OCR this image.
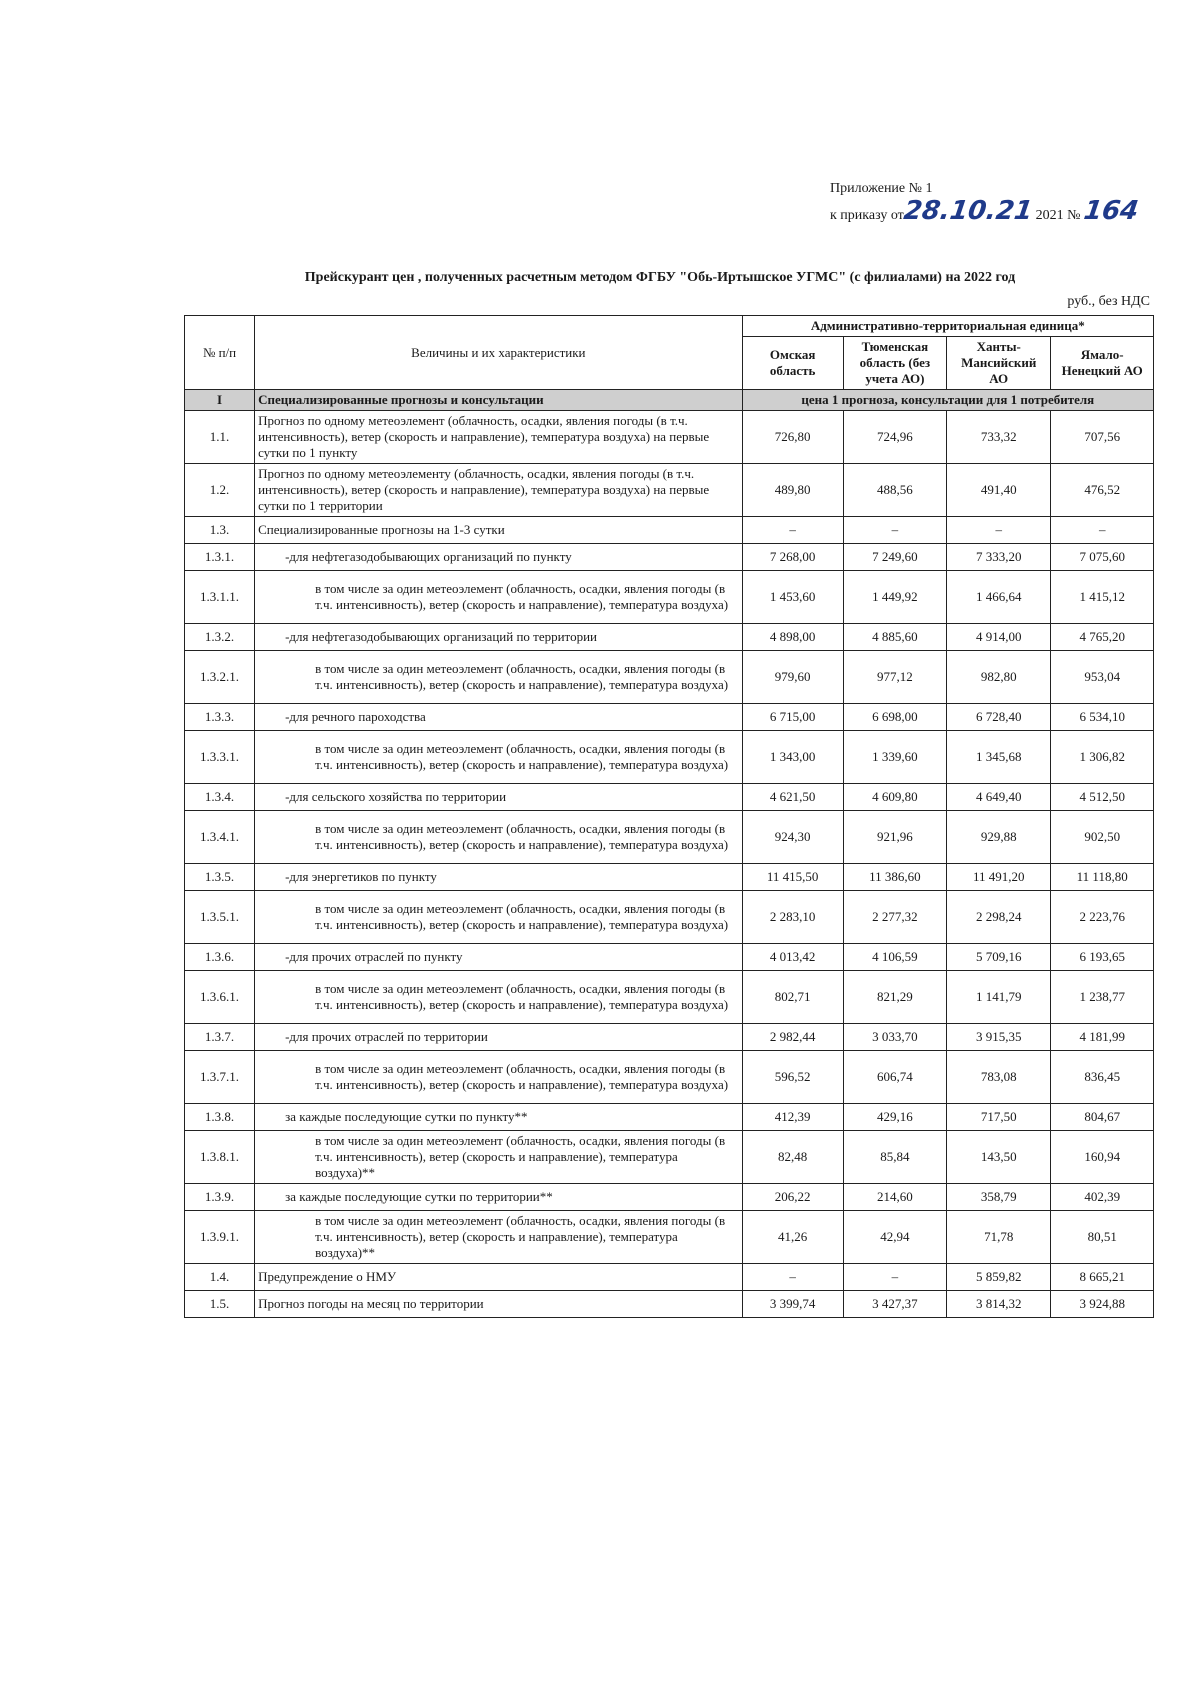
Приложение № 1
к приказу от28.10.21 2021 № 164
Прейскурант цен , полученных расчетным методом ФГБУ "Обь-Иртышское УГМС" (с филиалами) на 2022 год
руб., без НДС
№ п/п	Величины и их характеристики	Административно-территориальная единица*			
		Омская область	Тюменская область (без учета АО)	Ханты-Мансийский АО	Ямало-Ненецкий АО
I	Специализированные прогнозы и консультации	цена 1 прогноза, консультации для 1 потребителя			
1.1.	Прогноз по одному метеоэлемент (облачность, осадки, явления погоды (в т.ч. интенсивность), ветер (скорость и направление), температура воздуха) на первые сутки по 1 пункту	726,80	724,96	733,32	707,56
1.2.	Прогноз по одному метеоэлементу (облачность, осадки, явления погоды (в т.ч. интенсивность), ветер (скорость и направление), температура воздуха) на первые сутки по 1 территории	489,80	488,56	491,40	476,52
1.3.	Специализированные прогнозы на 1-3 сутки	–	–	–	–
1.3.1.	-для нефтегазодобывающих организаций по пункту	7 268,00	7 249,60	7 333,20	7 075,60
1.3.1.1.	в том числе за один метеоэлемент (облачность, осадки, явления погоды (в т.ч. интенсивность), ветер (скорость и направление), температура воздуха)	1 453,60	1 449,92	1 466,64	1 415,12
1.3.2.	-для нефтегазодобывающих организаций по территории	4 898,00	4 885,60	4 914,00	4 765,20
1.3.2.1.	в том числе за один метеоэлемент (облачность, осадки, явления погоды (в т.ч. интенсивность), ветер (скорость и направление), температура воздуха)	979,60	977,12	982,80	953,04
1.3.3.	-для речного пароходства	6 715,00	6 698,00	6 728,40	6 534,10
1.3.3.1.	в том числе за один метеоэлемент (облачность, осадки, явления погоды (в т.ч. интенсивность), ветер (скорость и направление), температура воздуха)	1 343,00	1 339,60	1 345,68	1 306,82
1.3.4.	-для сельского хозяйства по территории	4 621,50	4 609,80	4 649,40	4 512,50
1.3.4.1.	в том числе за один метеоэлемент (облачность, осадки, явления погоды (в т.ч. интенсивность), ветер (скорость и направление), температура воздуха)	924,30	921,96	929,88	902,50
1.3.5.	-для энергетиков по пункту	11 415,50	11 386,60	11 491,20	11 118,80
1.3.5.1.	в том числе за один метеоэлемент (облачность, осадки, явления погоды (в т.ч. интенсивность), ветер (скорость и направление), температура воздуха)	2 283,10	2 277,32	2 298,24	2 223,76
1.3.6.	-для прочих отраслей по пункту	4 013,42	4 106,59	5 709,16	6 193,65
1.3.6.1.	в том числе за один метеоэлемент (облачность, осадки, явления погоды (в т.ч. интенсивность), ветер (скорость и направление), температура воздуха)	802,71	821,29	1 141,79	1 238,77
1.3.7.	-для прочих отраслей по территории	2 982,44	3 033,70	3 915,35	4 181,99
1.3.7.1.	в том числе за один метеоэлемент (облачность, осадки, явления погоды (в т.ч. интенсивность), ветер (скорость и направление), температура воздуха)	596,52	606,74	783,08	836,45
1.3.8.	за каждые последующие сутки по пункту**	412,39	429,16	717,50	804,67
1.3.8.1.	в том числе за один метеоэлемент (облачность, осадки, явления погоды (в т.ч. интенсивность), ветер (скорость и направление), температура воздуха)**	82,48	85,84	143,50	160,94
1.3.9.	за каждые последующие сутки по территории**	206,22	214,60	358,79	402,39
1.3.9.1.	в том числе за один метеоэлемент (облачность, осадки, явления погоды (в т.ч. интенсивность), ветер (скорость и направление), температура воздуха)**	41,26	42,94	71,78	80,51
1.4.	Предупреждение о НМУ	–	–	5 859,82	8 665,21
1.5.	Прогноз погоды на месяц по территории	3 399,74	3 427,37	3 814,32	3 924,88
